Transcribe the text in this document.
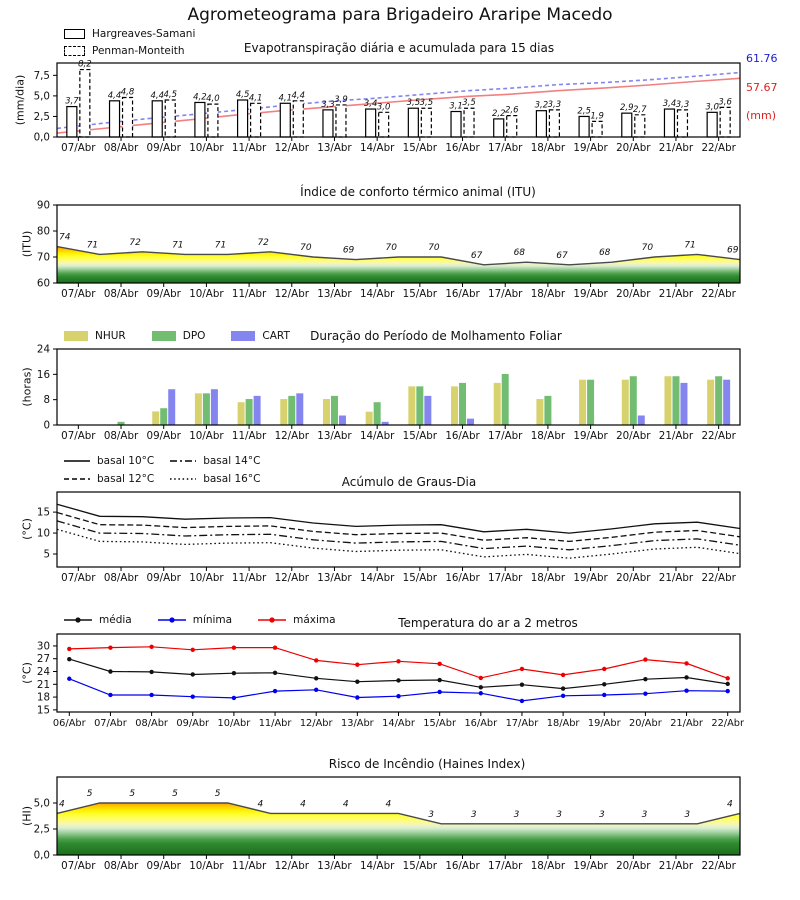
3,7
4,4	4,4	4,2	4,5	4,1
3,3	3,4	3,5	3,1
2,2
3,2
2,5	2,9	3,4	3,0
8,2
4,8	4,5	4,0	4,1	4,4	3,9
3,0	3,5	3,5
2,6
3,3
1,9
2,7	3,3	3,6
0,0
2,5
5,0
7,5
07/Abr 08/Abr 09/Abr 10/Abr 11/Abr 12/Abr 13/Abr 14/Abr 15/Abr 16/Abr 17/Abr 18/Abr 19/Abr 20/Abr 21/Abr 22/Abr
74
71	72	71	71	72
70	69	70	70
67	68	67	68
70	71
69
60
70
80
90
07/Abr 08/Abr 09/Abr 10/Abr 11/Abr 12/Abr 13/Abr 14/Abr 15/Abr 16/Abr 17/Abr 18/Abr 19/Abr 20/Abr 21/Abr 22/Abr
4
5	5	5	5
4	4	4	4
3	3	3	3	3	3	3
4
0,0
2,5
5,0
07/Abr 08/Abr 09/Abr 10/Abr 11/Abr 12/Abr 13/Abr 14/Abr 15/Abr 16/Abr 17/Abr 18/Abr 19/Abr 20/Abr 21/Abr 22/Abr
0
8
16
24
07/Abr 08/Abr 09/Abr 10/Abr 11/Abr 12/Abr 13/Abr 14/Abr 15/Abr 16/Abr 17/Abr 18/Abr 19/Abr 20/Abr 21/Abr 22/Abr
5
10
15
07/Abr 08/Abr 09/Abr 10/Abr 11/Abr 12/Abr 13/Abr 14/Abr 15/Abr 16/Abr 17/Abr 18/Abr 19/Abr 20/Abr 21/Abr 22/Abr
15
18
21
24
27
30
06/Abr 07/Abr 08/Abr 09/Abr 10/Abr 11/Abr 12/Abr 13/Abr 14/Abr 15/Abr 16/Abr 17/Abr 18/Abr 19/Abr 20/Abr 21/Abr 22/Abr
Agrometeograma para Brigadeiro Araripe Macedo
Evapotranspiração diária e acumulada para 15 dias
(mm/dia)
Hargreaves-Samani
Penman-Monteith
61.76
57.67
(mm)
Índice de conforto térmico animal (ITU)
(ITU)
Duração do Período de Molhamento Foliar
(horas)
NHUR	DPO	CART
Acúmulo de Graus-Dia
(°C)
basal 10°C	basal 14°C
basal 12°C	basal 16°C
Temperatura do ar a 2 metros
(°C)
média	mínima	máxima
Risco de Incêndio (Haines Index)
(HI)
